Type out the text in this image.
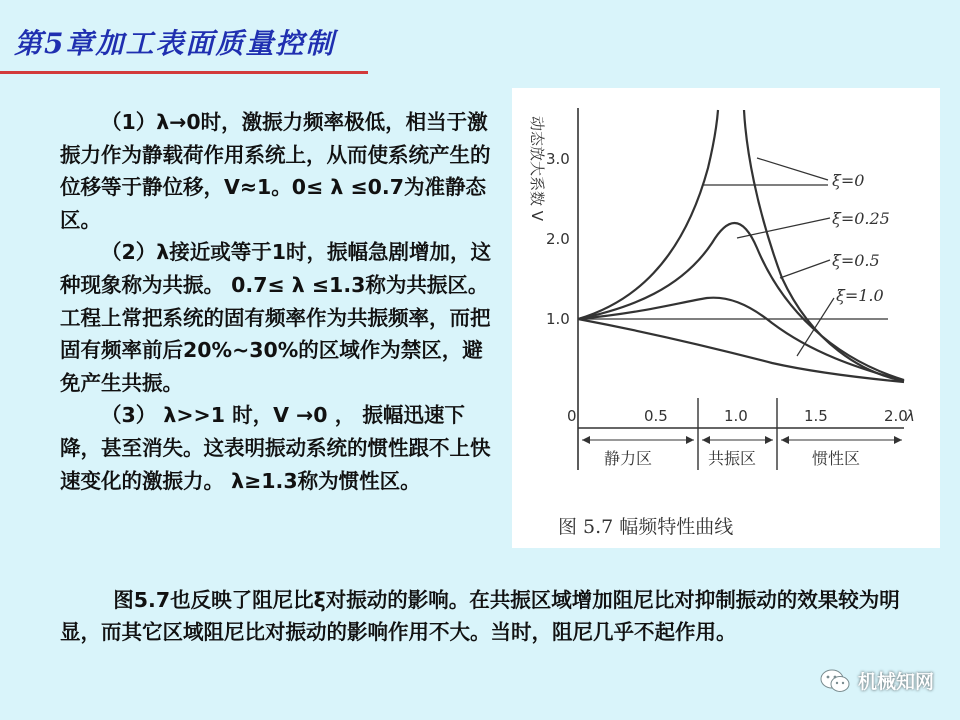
第5章加工表面质量控制

（1）λ→0时，激振力频率极低，相当于激振力作为静载荷作用系统上，从而使系统产生的位移等于静位移，V≈1。0≤ λ ≤0.7为准静态区。

（2）λ接近或等于1时，振幅急剧增加，这种现象称为共振。 0.7≤ λ ≤1.3称为共振区。工程上常把系统的固有频率作为共振频率，而把固有频率前后20%~30%的区域作为禁区，避免产生共振。

（3） λ>>1 时，V →0 ， 振幅迅速下降，甚至消失。这表明振动系统的惯性跟不上快速变化的激振力。 λ≥1.3称为惯性区。

ξ=0
ξ=0.25
ξ=0.5
ξ=1.0
1.0
2.0
3.0
0	0.5	1.0	1.5	2.0
λ
静力区	共振区	惯性区
动态放大系数 V
图 5.7 幅频特性曲线

图5.7也反映了阻尼比ξ对振动的影响。在共振区域增加阻尼比对抑制振动的效果较为明显，而其它区域阻尼比对振动的影响作用不大。当时，阻尼几乎不起作用。

机械知网
